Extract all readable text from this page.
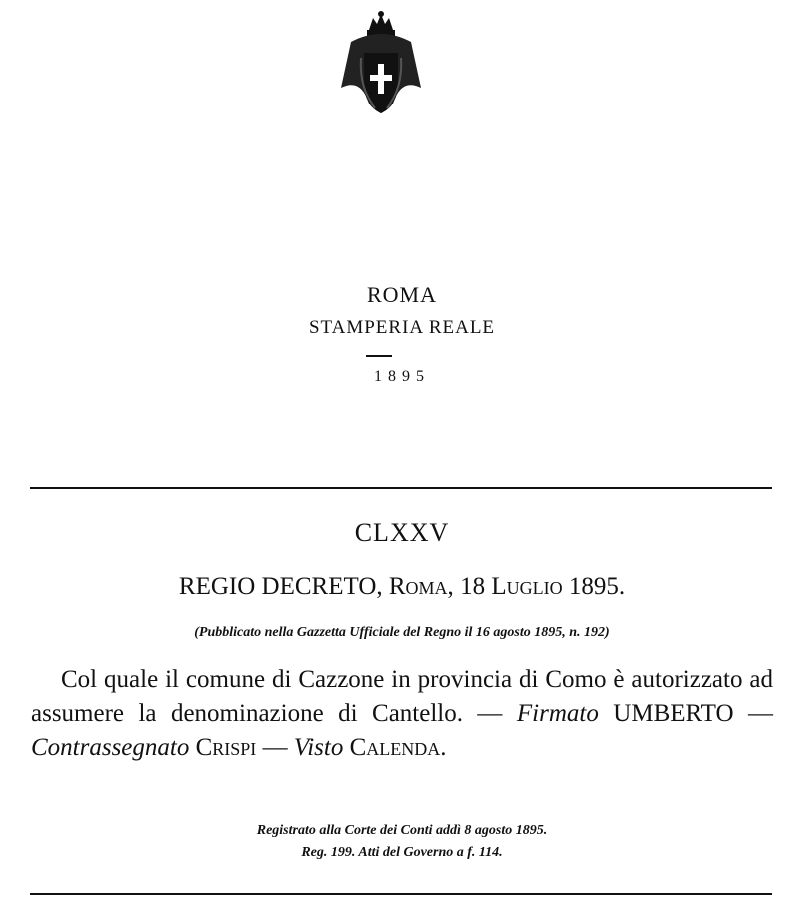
ROMA
STAMPERIA REALE
1895
CLXXV
REGIO DECRETO, Roma, 18 Luglio 1895.
(Pubblicato nella Gazzetta Ufficiale del Regno il 16 agosto 1895, n. 192)
Col quale il comune di Cazzone in provincia di Como è autorizzato ad assumere la denominazione di Cantello. — Firmato UMBERTO — Contrassegnato Crispi — Visto Calenda.
Registrato alla Corte dei Conti addì 8 agosto 1895.
Reg. 199. Atti del Governo a f. 114.
